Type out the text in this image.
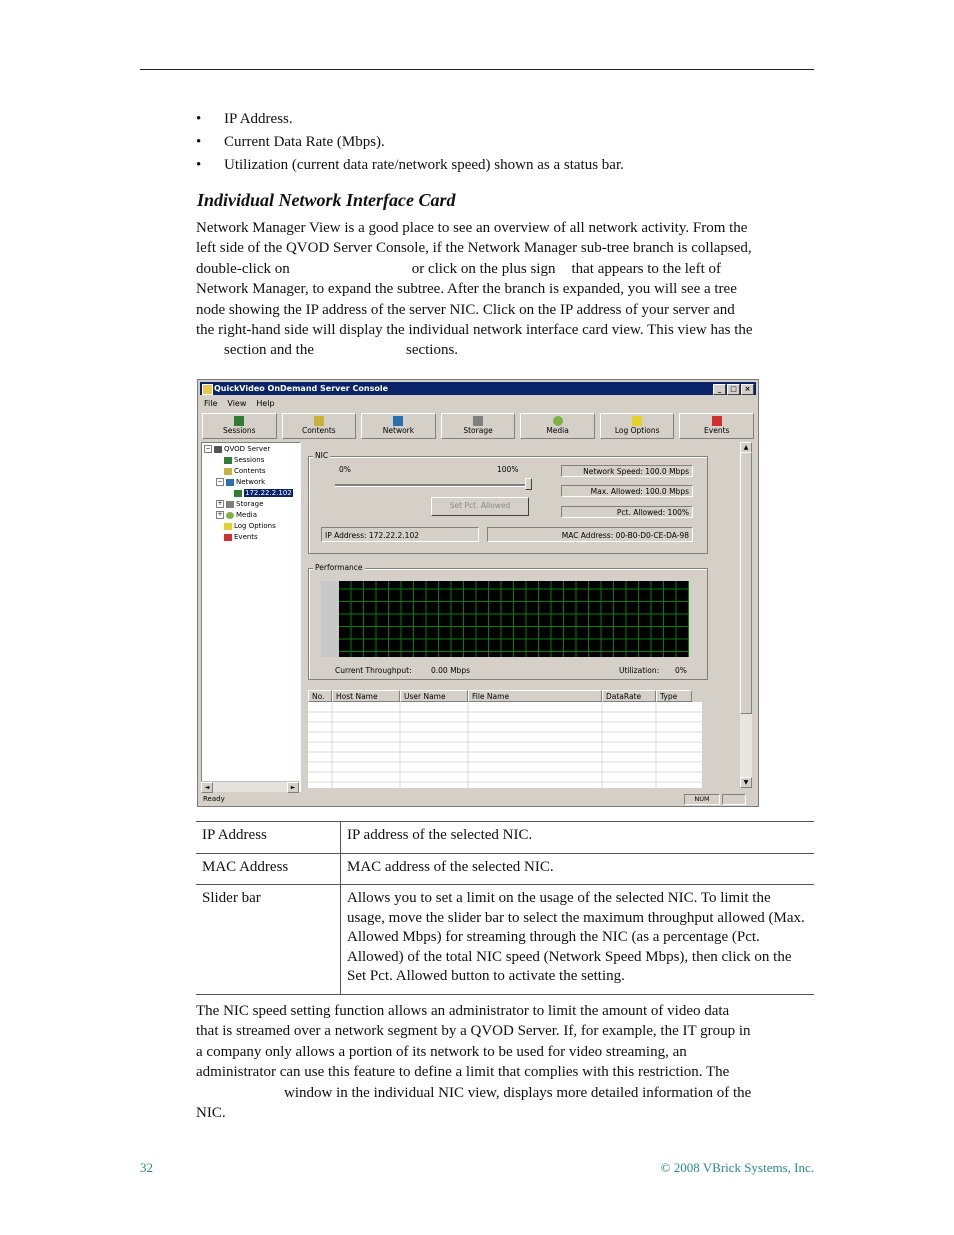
•	IP Address.
•	Current Data Rate (Mbps).
•	Utilization (current data rate/network speed) shown as a status bar.
Individual Network Interface Card
Network Manager View is a good place to see an overview of all network activity. From the
left side of the QVOD Server Console, if the Network Manager sub-tree branch is collapsed,
double-click on	or click on the plus sign that appears to the left of
Network Manager, to expand the subtree. After the branch is expanded, you will see a tree
node showing the IP address of the server NIC. Click on the IP address of your server and
the right-hand side will display the individual network interface card view. This view has the
section and the	sections.
QuickVideo OnDemand Server Console	_	□	×
File View Help
Sessions	Contents	Network	Storage	Media	Log Options	Events
− QVOD Server
Sessions
Contents
− Network
172.22.2.102
+ Storage
+ Media
Log Options
Events
◄	►
NIC
0%	100%	Network Speed: 100.0 Mbps
Max. Allowed: 100.0 Mbps
Pct. Allowed: 100%
Set Pct. Allowed
IP Address: 172.22.2.102	MAC Address: 00-B0-D0-CE-DA-98
Performance
Current Throughput:	0.00 Mbps	Utilization: 0%
No.	Host Name	User Name	File Name	DataRate	Type
▲
▼
Ready	NUM
IP Address	IP address of the selected NIC.
MAC Address	MAC address of the selected NIC.
Slider bar	Allows you to set a limit on the usage of the selected NIC. To limit the usage, move the slider bar to select the maximum throughput allowed (Max. Allowed Mbps) for streaming through the NIC (as a percentage (Pct. Allowed) of the total NIC speed (Network Speed Mbps), then click on the Set Pct. Allowed button to activate the setting.
The NIC speed setting function allows an administrator to limit the amount of video data
that is streamed over a network segment by a QVOD Server. If, for example, the IT group in
a company only allows a portion of its network to be used for video streaming, an
administrator can use this feature to define a limit that complies with this restriction. The
window in the individual NIC view, displays more detailed information of the
NIC.
32	© 2008 VBrick Systems, Inc.
